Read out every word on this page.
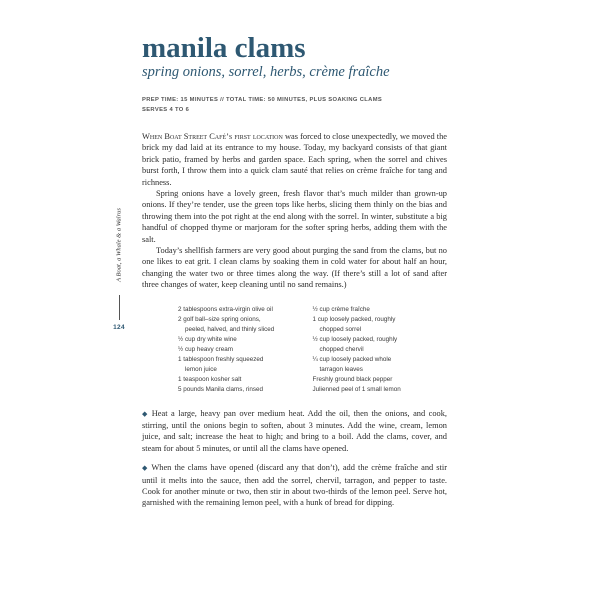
A Boat, a Whale & a Walrus
124
manila clams
spring onions, sorrel, herbs, crème fraîche
PREP TIME: 15 MINUTES // TOTAL TIME: 50 MINUTES, PLUS SOAKING CLAMS
SERVES 4 TO 6

When Boat Street Café’s first location was forced to close unexpectedly, we moved the brick my dad laid at its entrance to my house. Today, my backyard consists of that giant brick patio, framed by herbs and garden space. Each spring, when the sorrel and chives burst forth, I throw them into a quick clam sauté that relies on crème fraîche for tang and richness.

Spring onions have a lovely green, fresh flavor that’s much milder than grown-up onions. If they’re tender, use the green tops like herbs, slicing them thinly on the bias and throwing them into the pot right at the end along with the sorrel. In winter, substitute a big handful of chopped thyme or marjoram for the softer spring herbs, adding them with the salt.

Today’s shellfish farmers are very good about purging the sand from the clams, but no one likes to eat grit. I clean clams by soaking them in cold water for about half an hour, changing the water two or three times along the way. (If there’s still a lot of sand after three changes of water, keep cleaning until no sand remains.)

2 tablespoons extra-virgin olive oil
2 golf ball–size spring onions,
peeled, halved, and thinly sliced
½ cup dry white wine
½ cup heavy cream
1 tablespoon freshly squeezed
lemon juice
1 teaspoon kosher salt
5 pounds Manila clams, rinsed
½ cup crème fraîche
1 cup loosely packed, roughly
chopped sorrel
½ cup loosely packed, roughly
chopped chervil
¼ cup loosely packed whole
tarragon leaves
Freshly ground black pepper
Julienned peel of 1 small lemon

◆ Heat a large, heavy pan over medium heat. Add the oil, then the onions, and cook, stirring, until the onions begin to soften, about 3 minutes. Add the wine, cream, lemon juice, and salt; increase the heat to high; and bring to a boil. Add the clams, cover, and steam for about 5 minutes, or until all the clams have opened.

◆ When the clams have opened (discard any that don’t), add the crème fraîche and stir until it melts into the sauce, then add the sorrel, chervil, tarragon, and pepper to taste. Cook for another minute or two, then stir in about two-thirds of the lemon peel. Serve hot, garnished with the remaining lemon peel, with a hunk of bread for dipping.
